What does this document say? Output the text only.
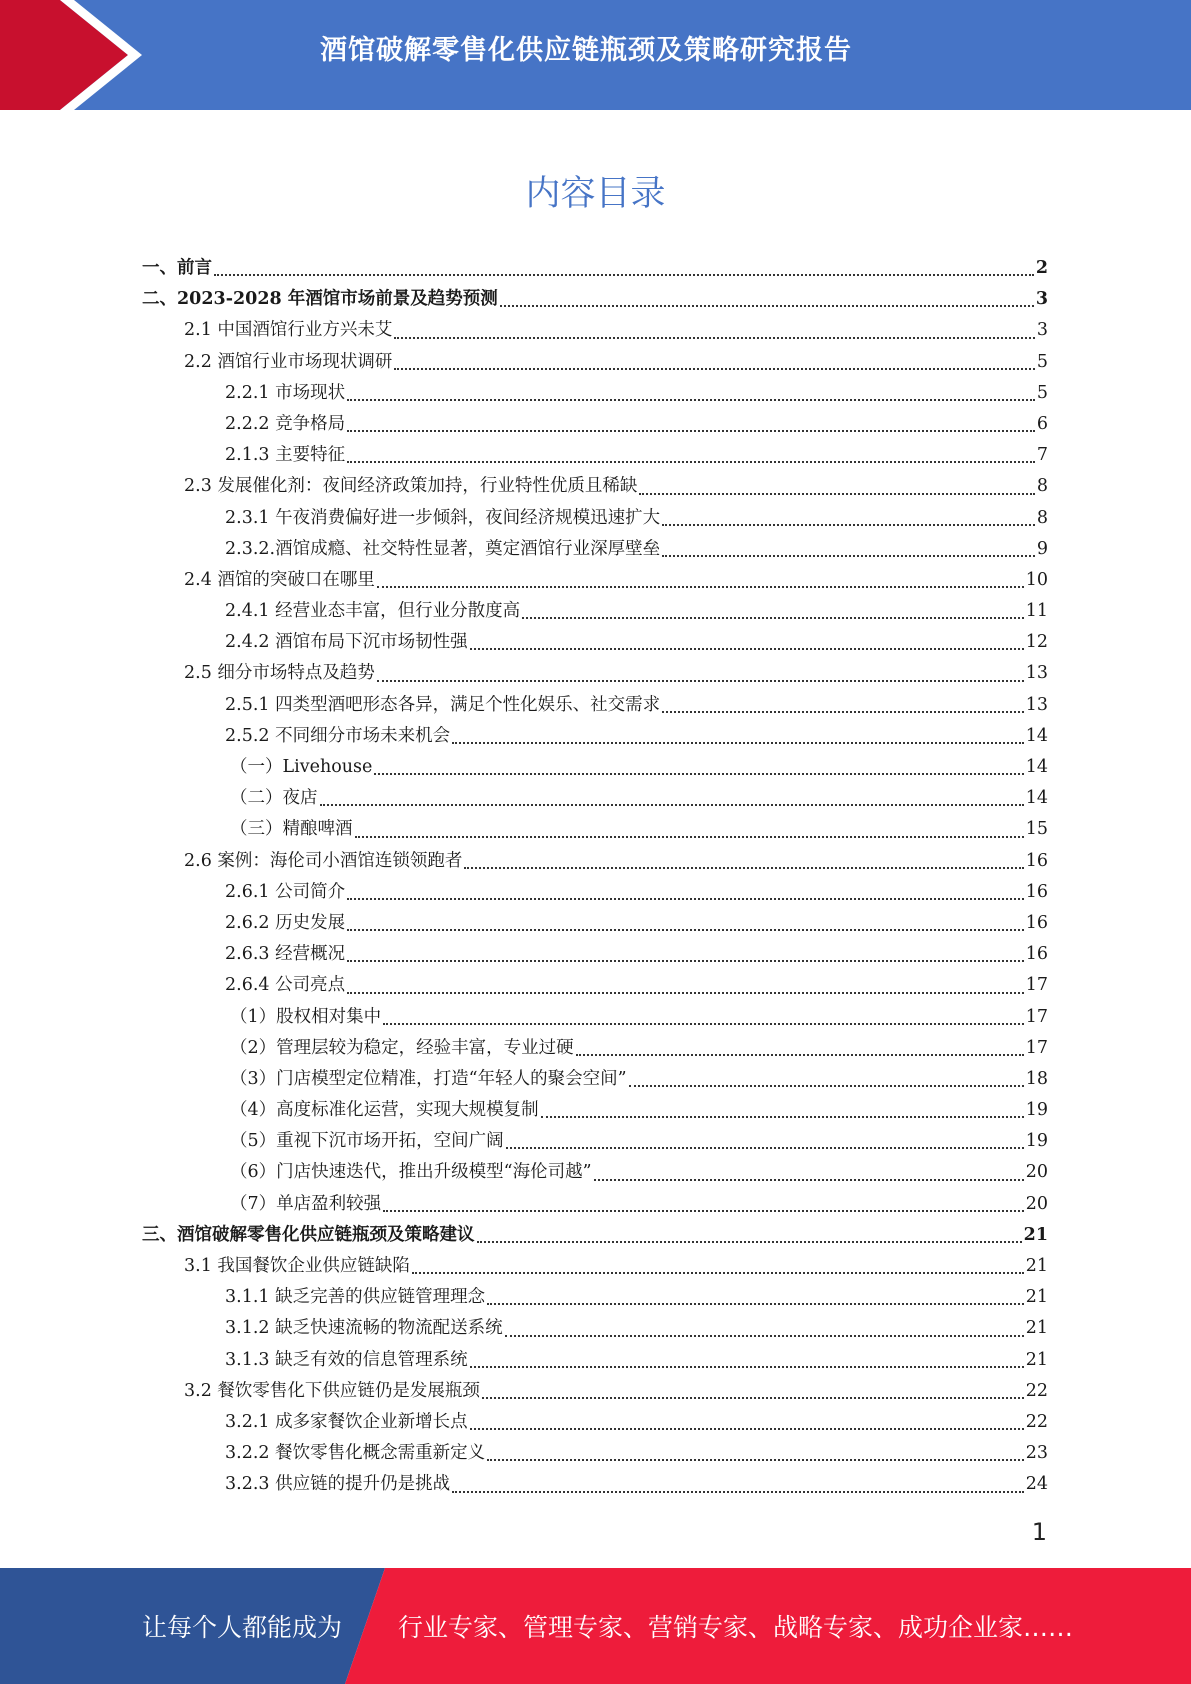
酒馆破解零售化供应链瓶颈及策略研究报告
内容目录
一、前言	2
二、2023-2028 年酒馆市场前景及趋势预测	3
2.1 中国酒馆行业方兴未艾	3
2.2 酒馆行业市场现状调研	5
2.2.1 市场现状	5
2.2.2 竞争格局	6
2.1.3 主要特征	7
2.3 发展催化剂：夜间经济政策加持，行业特性优质且稀缺	8
2.3.1 午夜消费偏好进一步倾斜，夜间经济规模迅速扩大	8
2.3.2.酒馆成瘾、社交特性显著，奠定酒馆行业深厚壁垒	9
2.4 酒馆的突破口在哪里	10
2.4.1 经营业态丰富，但行业分散度高	11
2.4.2 酒馆布局下沉市场韧性强	12
2.5 细分市场特点及趋势	13
2.5.1 四类型酒吧形态各异，满足个性化娱乐、社交需求	13
2.5.2 不同细分市场未来机会	14
（一）Livehouse	14
（二）夜店	14
（三）精酿啤酒	15
2.6 案例：海伦司小酒馆连锁领跑者	16
2.6.1 公司简介	16
2.6.2 历史发展	16
2.6.3 经营概况	16
2.6.4 公司亮点	17
（1）股权相对集中	17
（2）管理层较为稳定，经验丰富，专业过硬	17
（3）门店模型定位精准，打造“年轻人的聚会空间”	18
（4）高度标准化运营，实现大规模复制	19
（5）重视下沉市场开拓，空间广阔	19
（6）门店快速迭代，推出升级模型“海伦司越”	20
（7）单店盈利较强	20
三、酒馆破解零售化供应链瓶颈及策略建议	21
3.1 我国餐饮企业供应链缺陷	21
3.1.1 缺乏完善的供应链管理理念	21
3.1.2 缺乏快速流畅的物流配送系统	21
3.1.3 缺乏有效的信息管理系统	21
3.2 餐饮零售化下供应链仍是发展瓶颈	22
3.2.1 成多家餐饮企业新增长点	22
3.2.2 餐饮零售化概念需重新定义	23
3.2.3 供应链的提升仍是挑战	24
1
让每个人都能成为 行业专家、管理专家、营销专家、战略专家、成功企业家……
